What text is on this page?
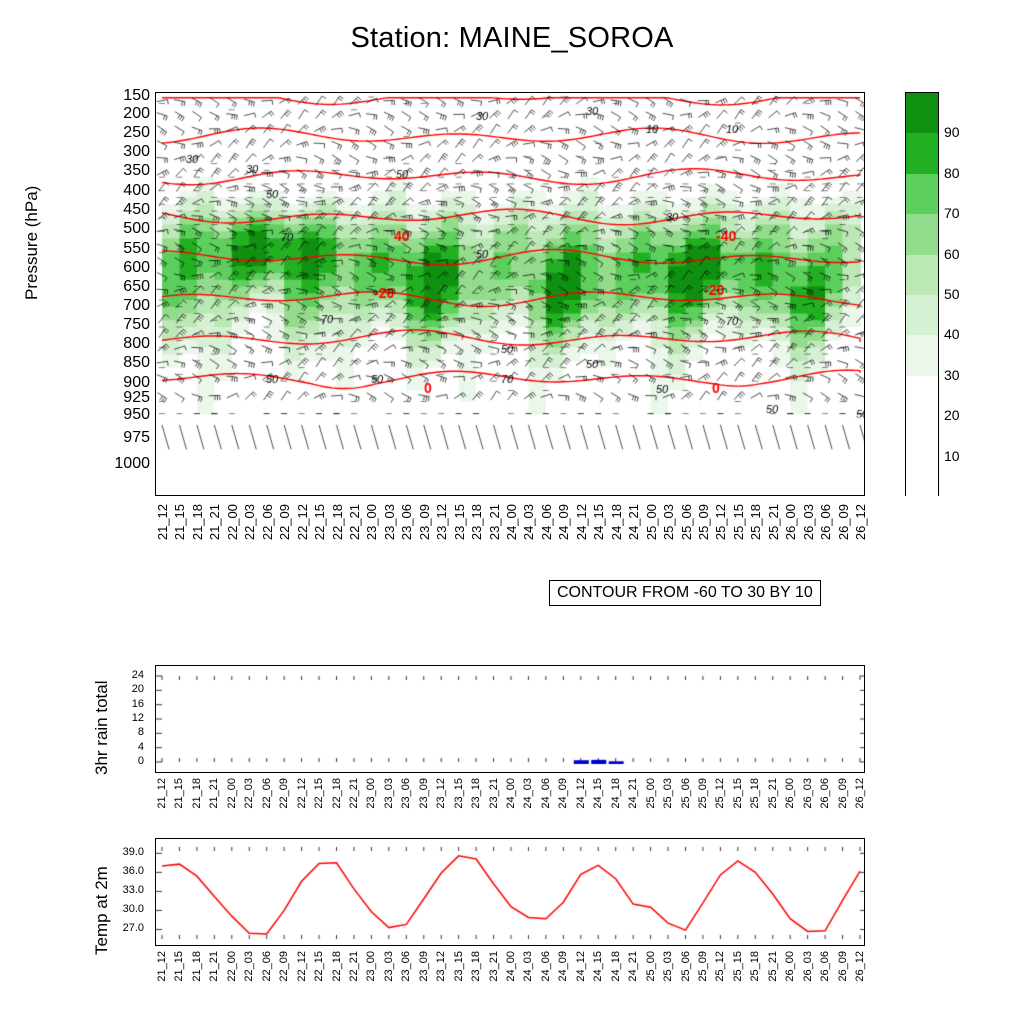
Station: MAINE_SOROA
Pressure (hPa)
150
200
250
300
350
400
450
500
550
600
650
700
750
800
850
900
925
950
975
1000
21_12 21_15 21_18 21_21 22_00 22_03 22_06 22_09 22_12 22_15 22_18 22_21 23_00 23_03 23_06 23_09 23_12 23_15 23_18 23_21 24_00 24_03 24_06 24_09 24_12 24_15 24_18 24_21 25_00 25_03 25_06 25_09 25_12 25_15 25_18 25_21 26_00 26_03 26_06 26_09 26_12
10
20
30
40
50
60
70
80
90
CONTOUR FROM -60 TO 30 BY 10
3hr rain total	0
4
8
12
16
20
24
21_12 21_15 21_18 21_21 22_00 22_03 22_06 22_09 22_12 22_15 22_18 22_21 23_00 23_03 23_06 23_09 23_12 23_15 23_18 23_21 24_00 24_03 24_06 24_09 24_12 24_15 24_18 24_21 25_00 25_03 25_06 25_09 25_12 25_15 25_18 25_21 26_00 26_03 26_06 26_09 26_12
Temp at 2m	27.0
30.0
33.0
36.0
39.0
21_12 21_15 21_18 21_21 22_00 22_03 22_06 22_09 22_12 22_15 22_18 22_21 23_00 23_03 23_06 23_09 23_12 23_15 23_18 23_21 24_00 24_03 24_06 24_09 24_12 24_15 24_18 24_21 25_00 25_03 25_06 25_09 25_12 25_15 25_18 25_21 26_00 26_03 26_06 26_09 26_12
